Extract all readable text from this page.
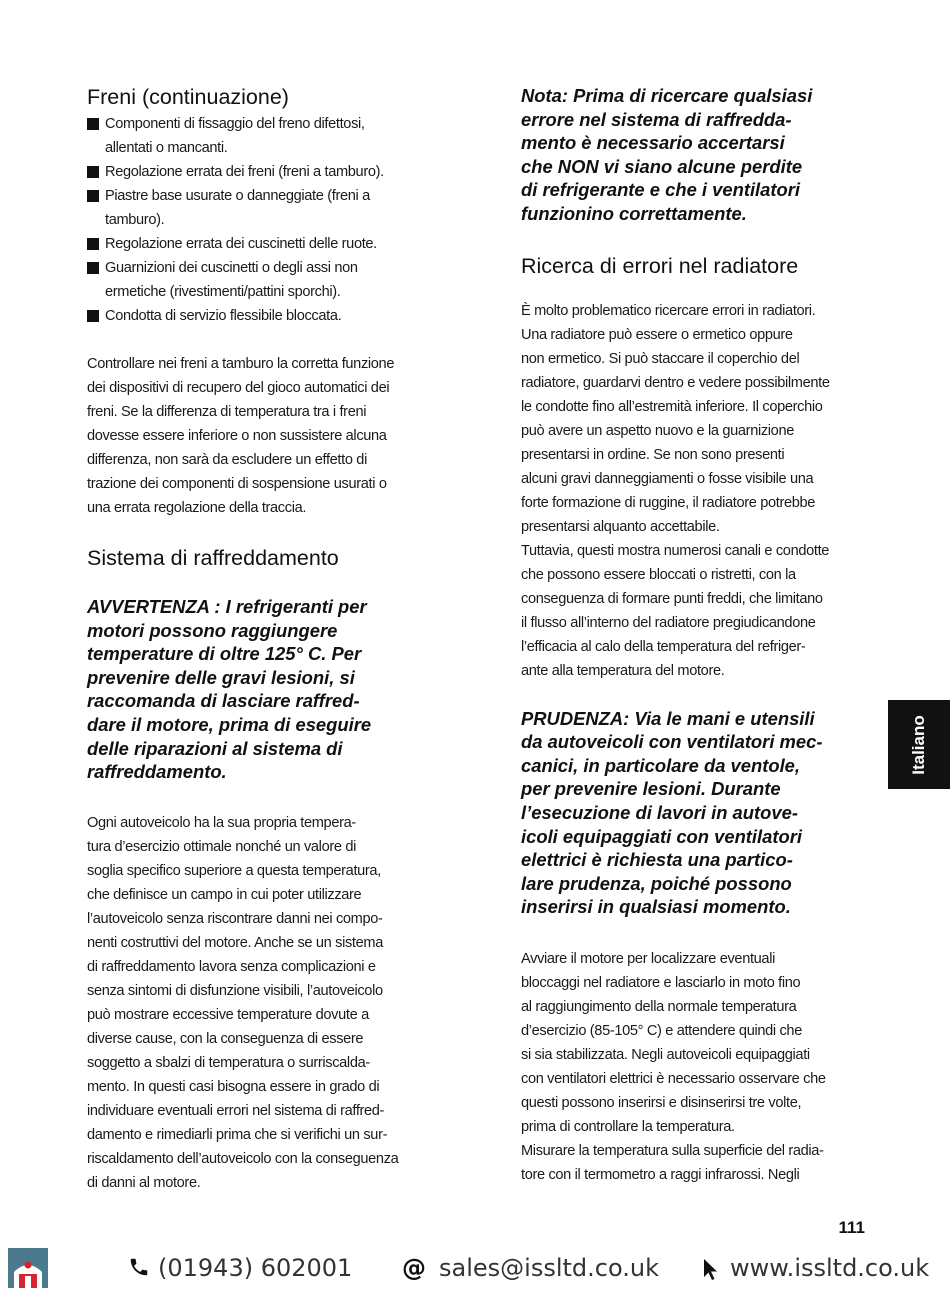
Freni (continuazione)
Componenti di fissaggio del freno difettosi,
allentati o mancanti.
Regolazione errata dei freni (freni a tamburo).
Piastre base usurate o danneggiate (freni a
tamburo).
Regolazione errata dei cuscinetti delle ruote.
Guarnizioni dei cuscinetti o degli assi non
ermetiche (rivestimenti/pattini sporchi).
Condotta di servizio flessibile bloccata.

Controllare nei freni a tamburo la corretta funzione
dei dispositivi di recupero del gioco automatici dei
freni. Se la differenza di temperatura tra i freni
dovesse essere inferiore o non sussistere alcuna
differenza, non sarà da escludere un effetto di
trazione dei componenti di sospensione usurati o
una errata regolazione della traccia.

Sistema di raffreddamento

AVVERTENZA : I refrigeranti per
motori possono raggiungere
temperature di oltre 125° C. Per
prevenire delle gravi lesioni, si
raccomanda di lasciare raffred-
dare il motore, prima di eseguire
delle riparazioni al sistema di
raffreddamento.

Ogni autoveicolo ha la sua propria tempera-
tura d’esercizio ottimale nonché un valore di
soglia specifico superiore a questa temperatura,
che definisce un campo in cui poter utilizzare
l’autoveicolo senza riscontrare danni nei compo-
nenti costruttivi del motore. Anche se un sistema
di raffreddamento lavora senza complicazioni e
senza sintomi di disfunzione visibili, l’autoveicolo
può mostrare eccessive temperature dovute a
diverse cause, con la conseguenza di essere
soggetto a sbalzi di temperatura o surriscalda-
mento. In questi casi bisogna essere in grado di
individuare eventuali errori nel sistema di raffred-
damento e rimediarli prima che si verifichi un sur-
riscaldamento dell’autoveicolo con la conseguenza
di danni al motore.

Nota: Prima di ricercare qualsiasi
errore nel sistema di raffredda-
mento è necessario accertarsi
che NON vi siano alcune perdite
di refrigerante e che i ventilatori
funzionino correttamente.

Ricerca di errori nel radiatore

È molto problematico ricercare errori in radiatori.
Una radiatore può essere o ermetico oppure
non ermetico. Si può staccare il coperchio del
radiatore, guardarvi dentro e vedere possibilmente
le condotte fino all’estremità inferiore. Il coperchio
può avere un aspetto nuovo e la guarnizione
presentarsi in ordine. Se non sono presenti
alcuni gravi danneggiamenti o fosse visibile una
forte formazione di ruggine, il radiatore potrebbe
presentarsi alquanto accettabile.
Tuttavia, questi mostra numerosi canali e condotte
che possono essere bloccati o ristretti, con la
conseguenza di formare punti freddi, che limitano
il flusso all’interno del radiatore pregiudicandone
l’efficacia al calo della temperatura del refriger-
ante alla temperatura del motore.

PRUDENZA: Via le mani e utensili
da autoveicoli con ventilatori mec-
canici, in particolare da ventole,
per prevenire lesioni. Durante
l’esecuzione di lavori in autove-
icoli equipaggiati con ventilatori
elettrici è richiesta una partico-
lare prudenza, poiché possono
inserirsi in qualsiasi momento.

Avviare il motore per localizzare eventuali
bloccaggi nel radiatore e lasciarlo in moto fino
al raggiungimento della normale temperatura
d’esercizio (85-105° C) e attendere quindi che
si sia stabilizzata. Negli autoveicoli equipaggiati
con ventilatori elettrici è necessario osservare che
questi possono inserirsi e disinserirsi tre volte,
prima di controllare la temperatura.
Misurare la temperatura sulla superficie del radia-
tore con il termometro a raggi infrarossi. Negli

Italiano
111
(01943) 602001 @ sales@issltd.co.uk	www.issltd.co.uk
